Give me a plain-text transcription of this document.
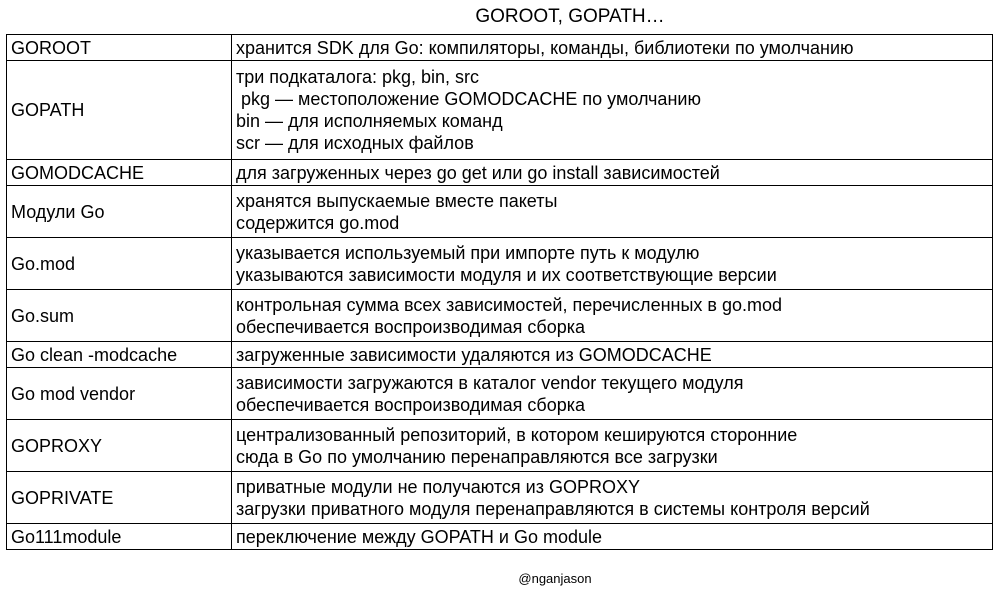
GOROOT, GOPATH…
GOROOT	хранится SDK для Go: компиляторы, команды, библиотеки по умолчанию

GOPATH	три подкаталога: pkg, bin, src
pkg — местоположение GOMODCACHE по умолчанию
bin — для исполняемых команд
scr — для исходных файлов

GOMODCACHE	для загруженных через go get или go install зависимостей

Модули Go	хранятся выпускаемые вместе пакеты
содержится go.mod

Go.mod	указывается используемый при импорте путь к модулю
указываются зависимости модуля и их соответствующие версии

Go.sum	контрольная сумма всех зависимостей, перечисленных в go.mod
обеспечивается воспроизводимая сборка

Go clean -modcache	загруженные зависимости удаляются из GOMODCACHE

Go mod vendor	зависимости загружаются в каталог vendor текущего модуля
обеспечивается воспроизводимая сборка

GOPROXY	централизованный репозиторий, в котором кешируются сторонние
сюда в Go по умолчанию перенаправляются все загрузки

GOPRIVATE	приватные модули не получаются из GOPROXY
загрузки приватного модуля перенаправляются в системы контроля версий

Go111module	переключение между GOPATH и Go module
@nganjason
